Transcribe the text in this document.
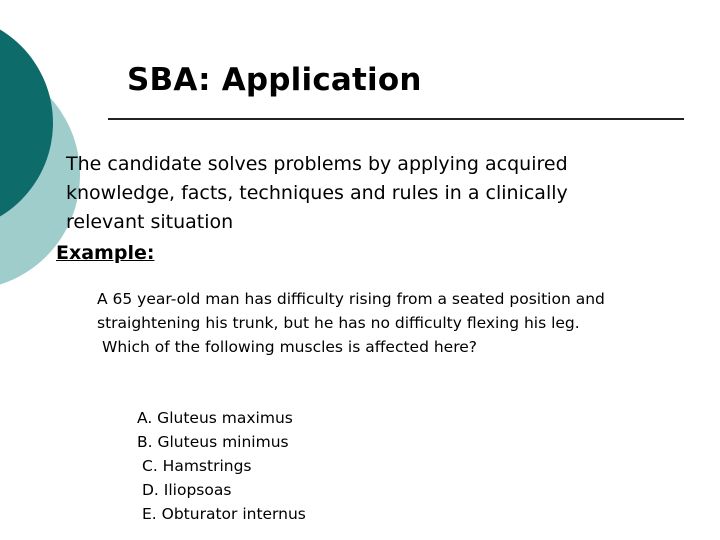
SBA: Application
The candidate solves problems by applying acquired knowledge, facts, techniques and rules in a clinically relevant situation
Example:

A 65 year-old man has difficulty rising from a seated position and straightening his trunk, but he has no difficulty flexing his leg.

Which of the following muscles is affected here?

A. Gluteus maximus
B. Gluteus minimus
C. Hamstrings
D. Iliopsoas
E. Obturator internus
